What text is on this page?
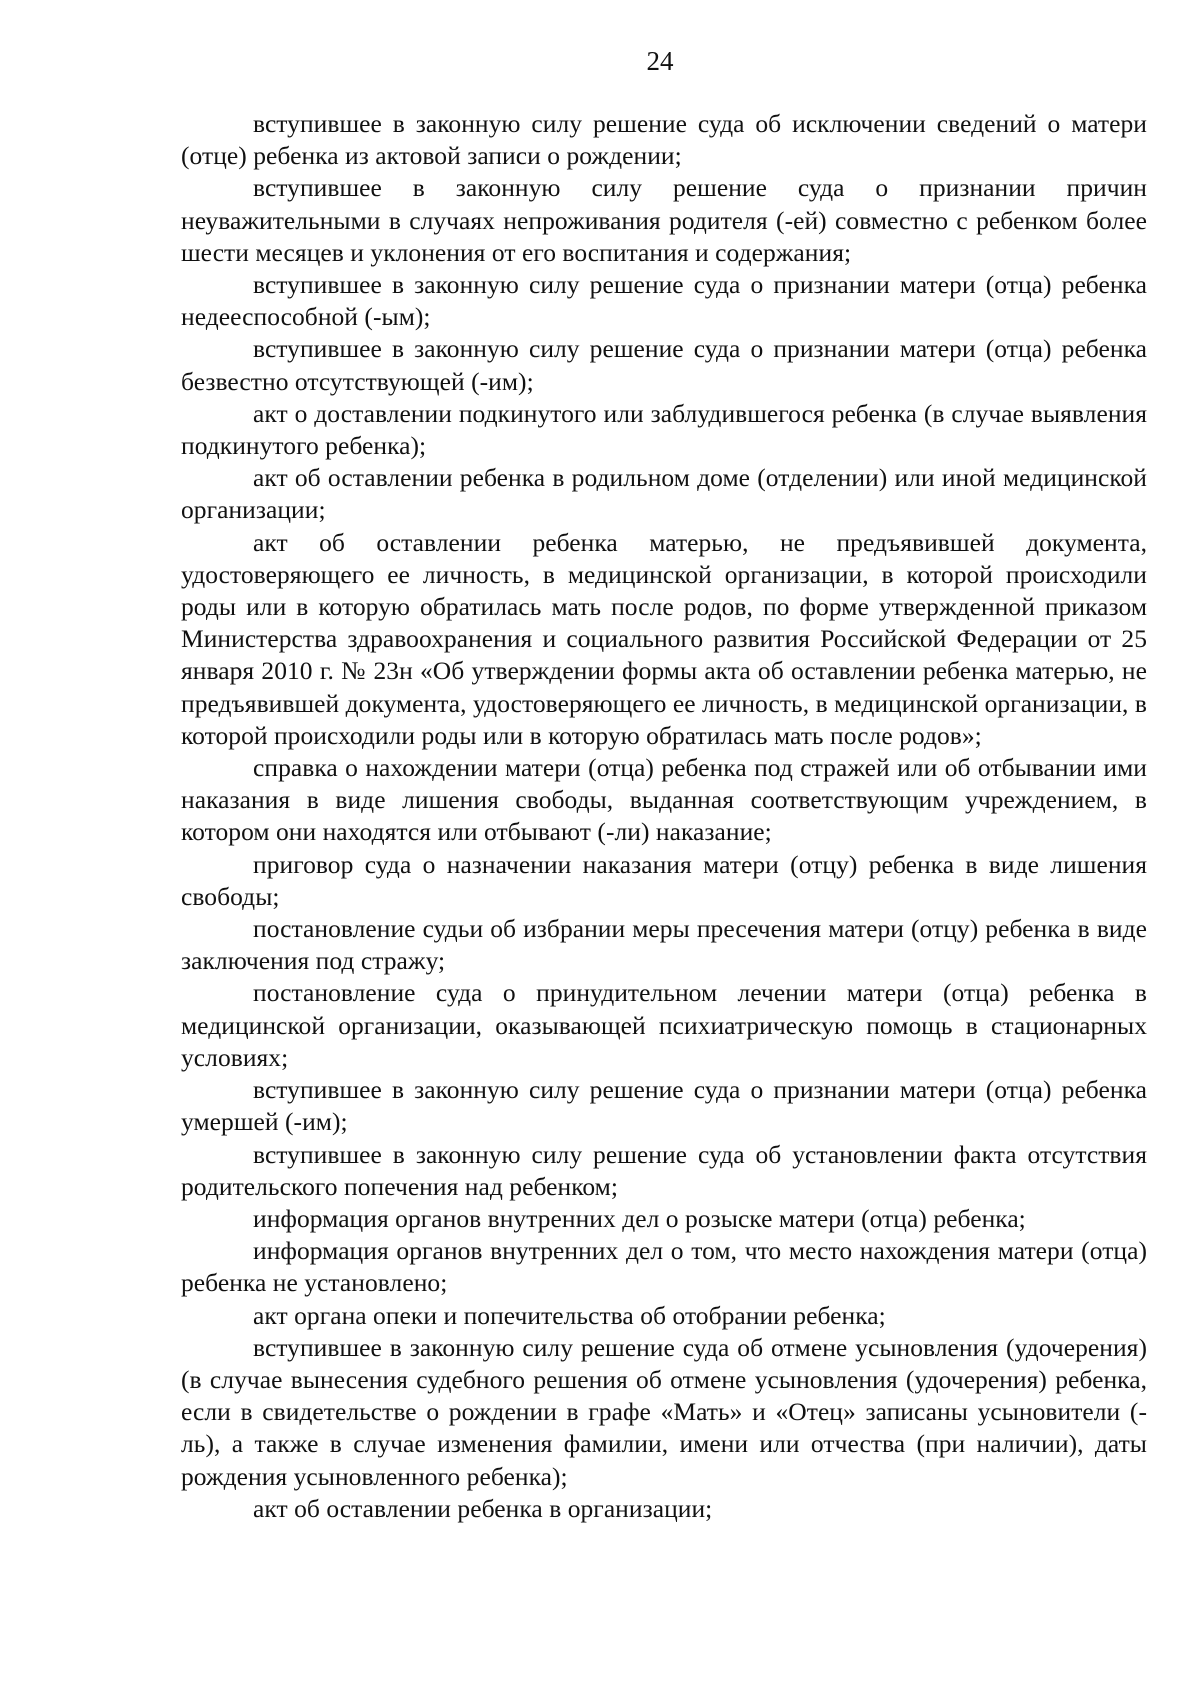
24

вступившее в законную силу решение суда об исключении сведений о матери (отце) ребенка из актовой записи о рождении;

вступившее в законную силу решение суда о признании причин неуважительными в случаях непроживания родителя (-ей) совместно с ребенком более шести месяцев и уклонения от его воспитания и содержания;

вступившее в законную силу решение суда о признании матери (отца) ребенка недееспособной (-ым);

вступившее в законную силу решение суда о признании матери (отца) ребенка безвестно отсутствующей (-им);

акт о доставлении подкинутого или заблудившегося ребенка (в случае выявления подкинутого ребенка);

акт об оставлении ребенка в родильном доме (отделении) или иной медицинской организации;

акт об оставлении ребенка матерью, не предъявившей документа, удостоверяющего ее личность, в медицинской организации, в которой происходили роды или в которую обратилась мать после родов, по форме утвержденной приказом Министерства здравоохранения и социального развития Российской Федерации от 25 января 2010 г. № 23н «Об утверждении формы акта об оставлении ребенка матерью, не предъявившей документа, удостоверяющего ее личность, в медицинской организации, в которой происходили роды или в которую обратилась мать после родов»;

справка о нахождении матери (отца) ребенка под стражей или об отбывании ими наказания в виде лишения свободы, выданная соответствующим учреждением, в котором они находятся или отбывают (-ли) наказание;

приговор суда о назначении наказания матери (отцу) ребенка в виде лишения свободы;

постановление судьи об избрании меры пресечения матери (отцу) ребенка в виде заключения под стражу;

постановление суда о принудительном лечении матери (отца) ребенка в медицинской организации, оказывающей психиатрическую помощь в стационарных условиях;

вступившее в законную силу решение суда о признании матери (отца) ребенка умершей (-им);

вступившее в законную силу решение суда об установлении факта отсутствия родительского попечения над ребенком;

информация органов внутренних дел о розыске матери (отца) ребенка;

информация органов внутренних дел о том, что место нахождения матери (отца) ребенка не установлено;

акт органа опеки и попечительства об отобрании ребенка;

вступившее в законную силу решение суда об отмене усыновления (удочерения) (в случае вынесения судебного решения об отмене усыновления (удочерения) ребенка, если в свидетельстве о рождении в графе «Мать» и «Отец» записаны усыновители (-ль), а также в случае изменения фамилии, имени или отчества (при наличии), даты рождения усыновленного ребенка);

акт об оставлении ребенка в организации;
